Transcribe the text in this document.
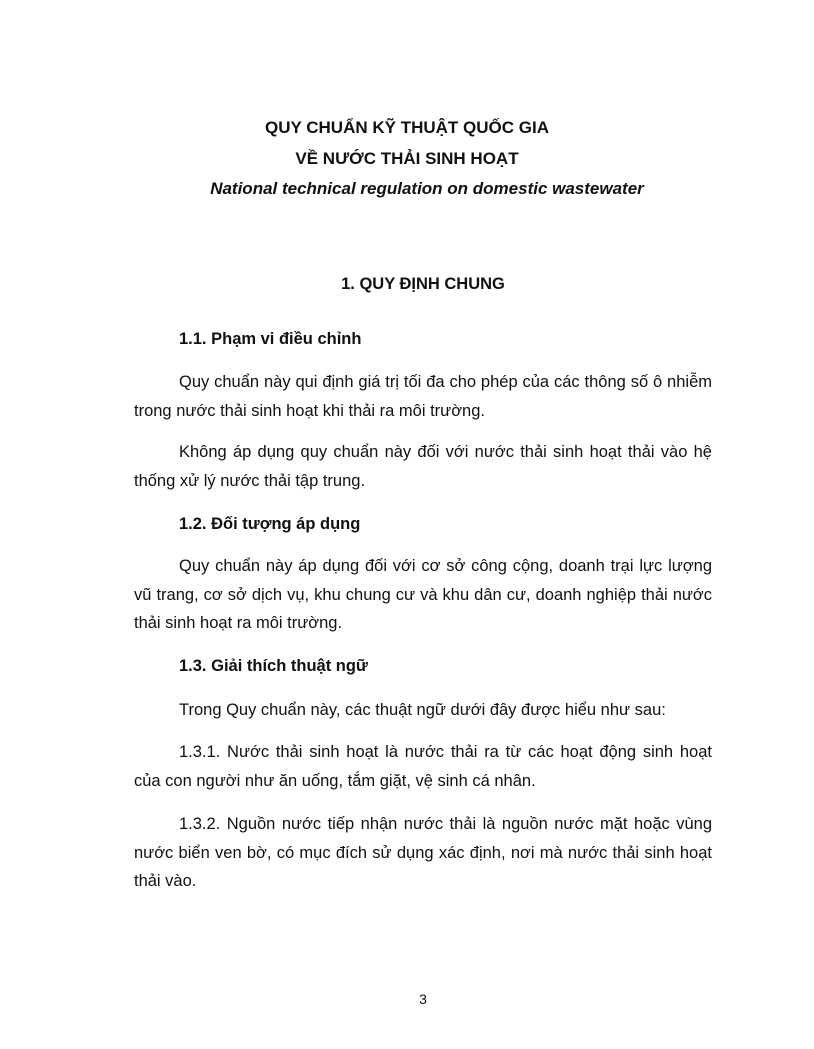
QUY CHUẨN KỸ THUẬT QUỐC GIA

VỀ NƯỚC THẢI SINH HOẠT

National technical regulation on domestic wastewater

1. QUY ĐỊNH CHUNG

1.1. Phạm vi điều chỉnh

Quy chuẩn này qui định giá trị tối đa cho phép của các thông số ô nhiễm trong nước thải sinh hoạt khi thải ra môi trường.

Không áp dụng quy chuẩn này đối với nước thải sinh hoạt thải vào hệ thống xử lý nước thải tập trung.

1.2. Đối tượng áp dụng

Quy chuẩn này áp dụng đối với cơ sở công cộng, doanh trại lực lượng vũ trang, cơ sở dịch vụ, khu chung cư và khu dân cư, doanh nghiệp thải nước thải sinh hoạt ra môi trường.

1.3. Giải thích thuật ngữ

Trong Quy chuẩn này, các thuật ngữ dưới đây được hiểu như sau:

1.3.1. Nước thải sinh hoạt là nước thải ra từ các hoạt động sinh hoạt của con người như ăn uống, tắm giặt, vệ sinh cá nhân.

1.3.2. Nguồn nước tiếp nhận nước thải là nguồn nước mặt hoặc vùng nước biển ven bờ, có mục đích sử dụng xác định, nơi mà nước thải sinh hoạt thải vào.

3
